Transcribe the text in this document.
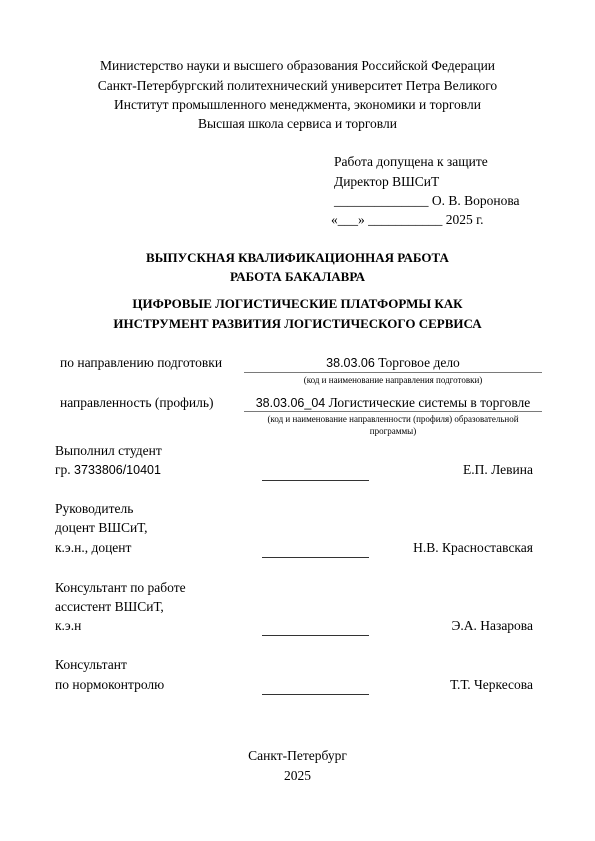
Министерство науки и высшего образования Российской Федерации
Санкт-Петербургский политехнический университет Петра Великого
Институт промышленного менеджмента, экономики и торговли
Высшая школа сервиса и торговли
Работа допущена к защите
Директор ВШСиТ
______________ О. В. Воронова
«___» ___________ 2025 г.
ВЫПУСКНАЯ КВАЛИФИКАЦИОННАЯ РАБОТА
РАБОТА БАКАЛАВРА
ЦИФРОВЫЕ ЛОГИСТИЧЕСКИЕ ПЛАТФОРМЫ КАК
ИНСТРУМЕНТ РАЗВИТИЯ ЛОГИСТИЧЕСКОГО СЕРВИСА
по направлению подготовки	38.03.06 Торговое дело
(код и наименование направления подготовки)
направленность (профиль)	38.03.06_04 Логистические системы в торговле
(код и наименование направленности (профиля) образовательной
программы)
Выполнил студент
гр. 3733806/10401	Е.П. Левина
Руководитель
доцент ВШСиТ,
к.э.н., доцент	Н.В. Красноставская
Консультант по работе
ассистент ВШСиТ,
к.э.н	Э.А. Назарова
Консультант
по нормоконтролю	Т.Т. Черкесова
Санкт-Петербург
2025
